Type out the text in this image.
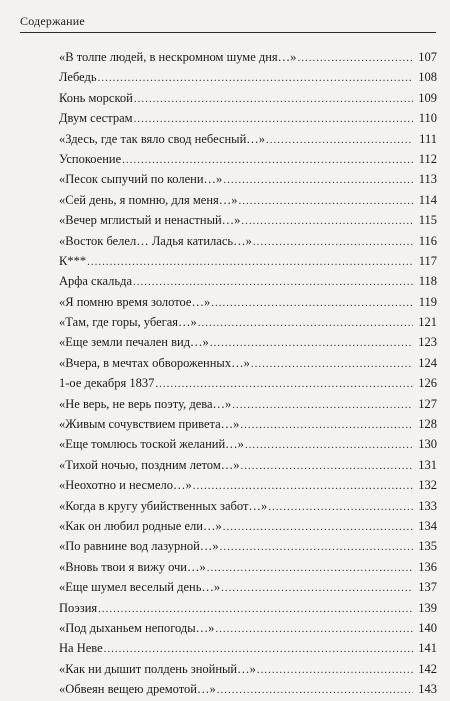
Содержание
«В толпе людей, в нескромном шуме дня…» .....	107
Лебедь .....	108
Конь морской .....	109
Двум сестрам .....	110
«Здесь, где так вяло свод небесный…» .....	111
Успокоение .....	112
«Песок сыпучий по колени…» .....	113
«Сей день, я помню, для меня…» .....	114
«Вечер мглистый и ненастный…» .....	115
«Восток белел… Ладья катилась…» .....	116
К*** .....	117
Арфа скальда .....	118
«Я помню время золотое…» .....	119
«Там, где горы, убегая…» .....	121
«Еще земли печален вид…» .....	123
«Вчера, в мечтах обвороженных…» .....	124
1-ое декабря 1837 .....	126
«Не верь, не верь поэту, дева…» .....	127
«Живым сочувствием привета…» .....	128
«Еще томлюсь тоской желаний…» .....	130
«Тихой ночью, поздним летом…» .....	131
«Неохотно и несмело…» .....	132
«Когда в кругу убийственных забот…» .....	133
«Как он любил родные ели…» .....	134
«По равнине вод лазурной…» .....	135
«Вновь твои я вижу очи…» .....	136
«Еще шумел веселый день…» .....	137
Поэзия .....	139
«Под дыханьем непогоды…» .....	140
На Неве .....	141
«Как ни дышит полдень знойный…» .....	142
«Обвеян вещею дремотой…» .....	143
